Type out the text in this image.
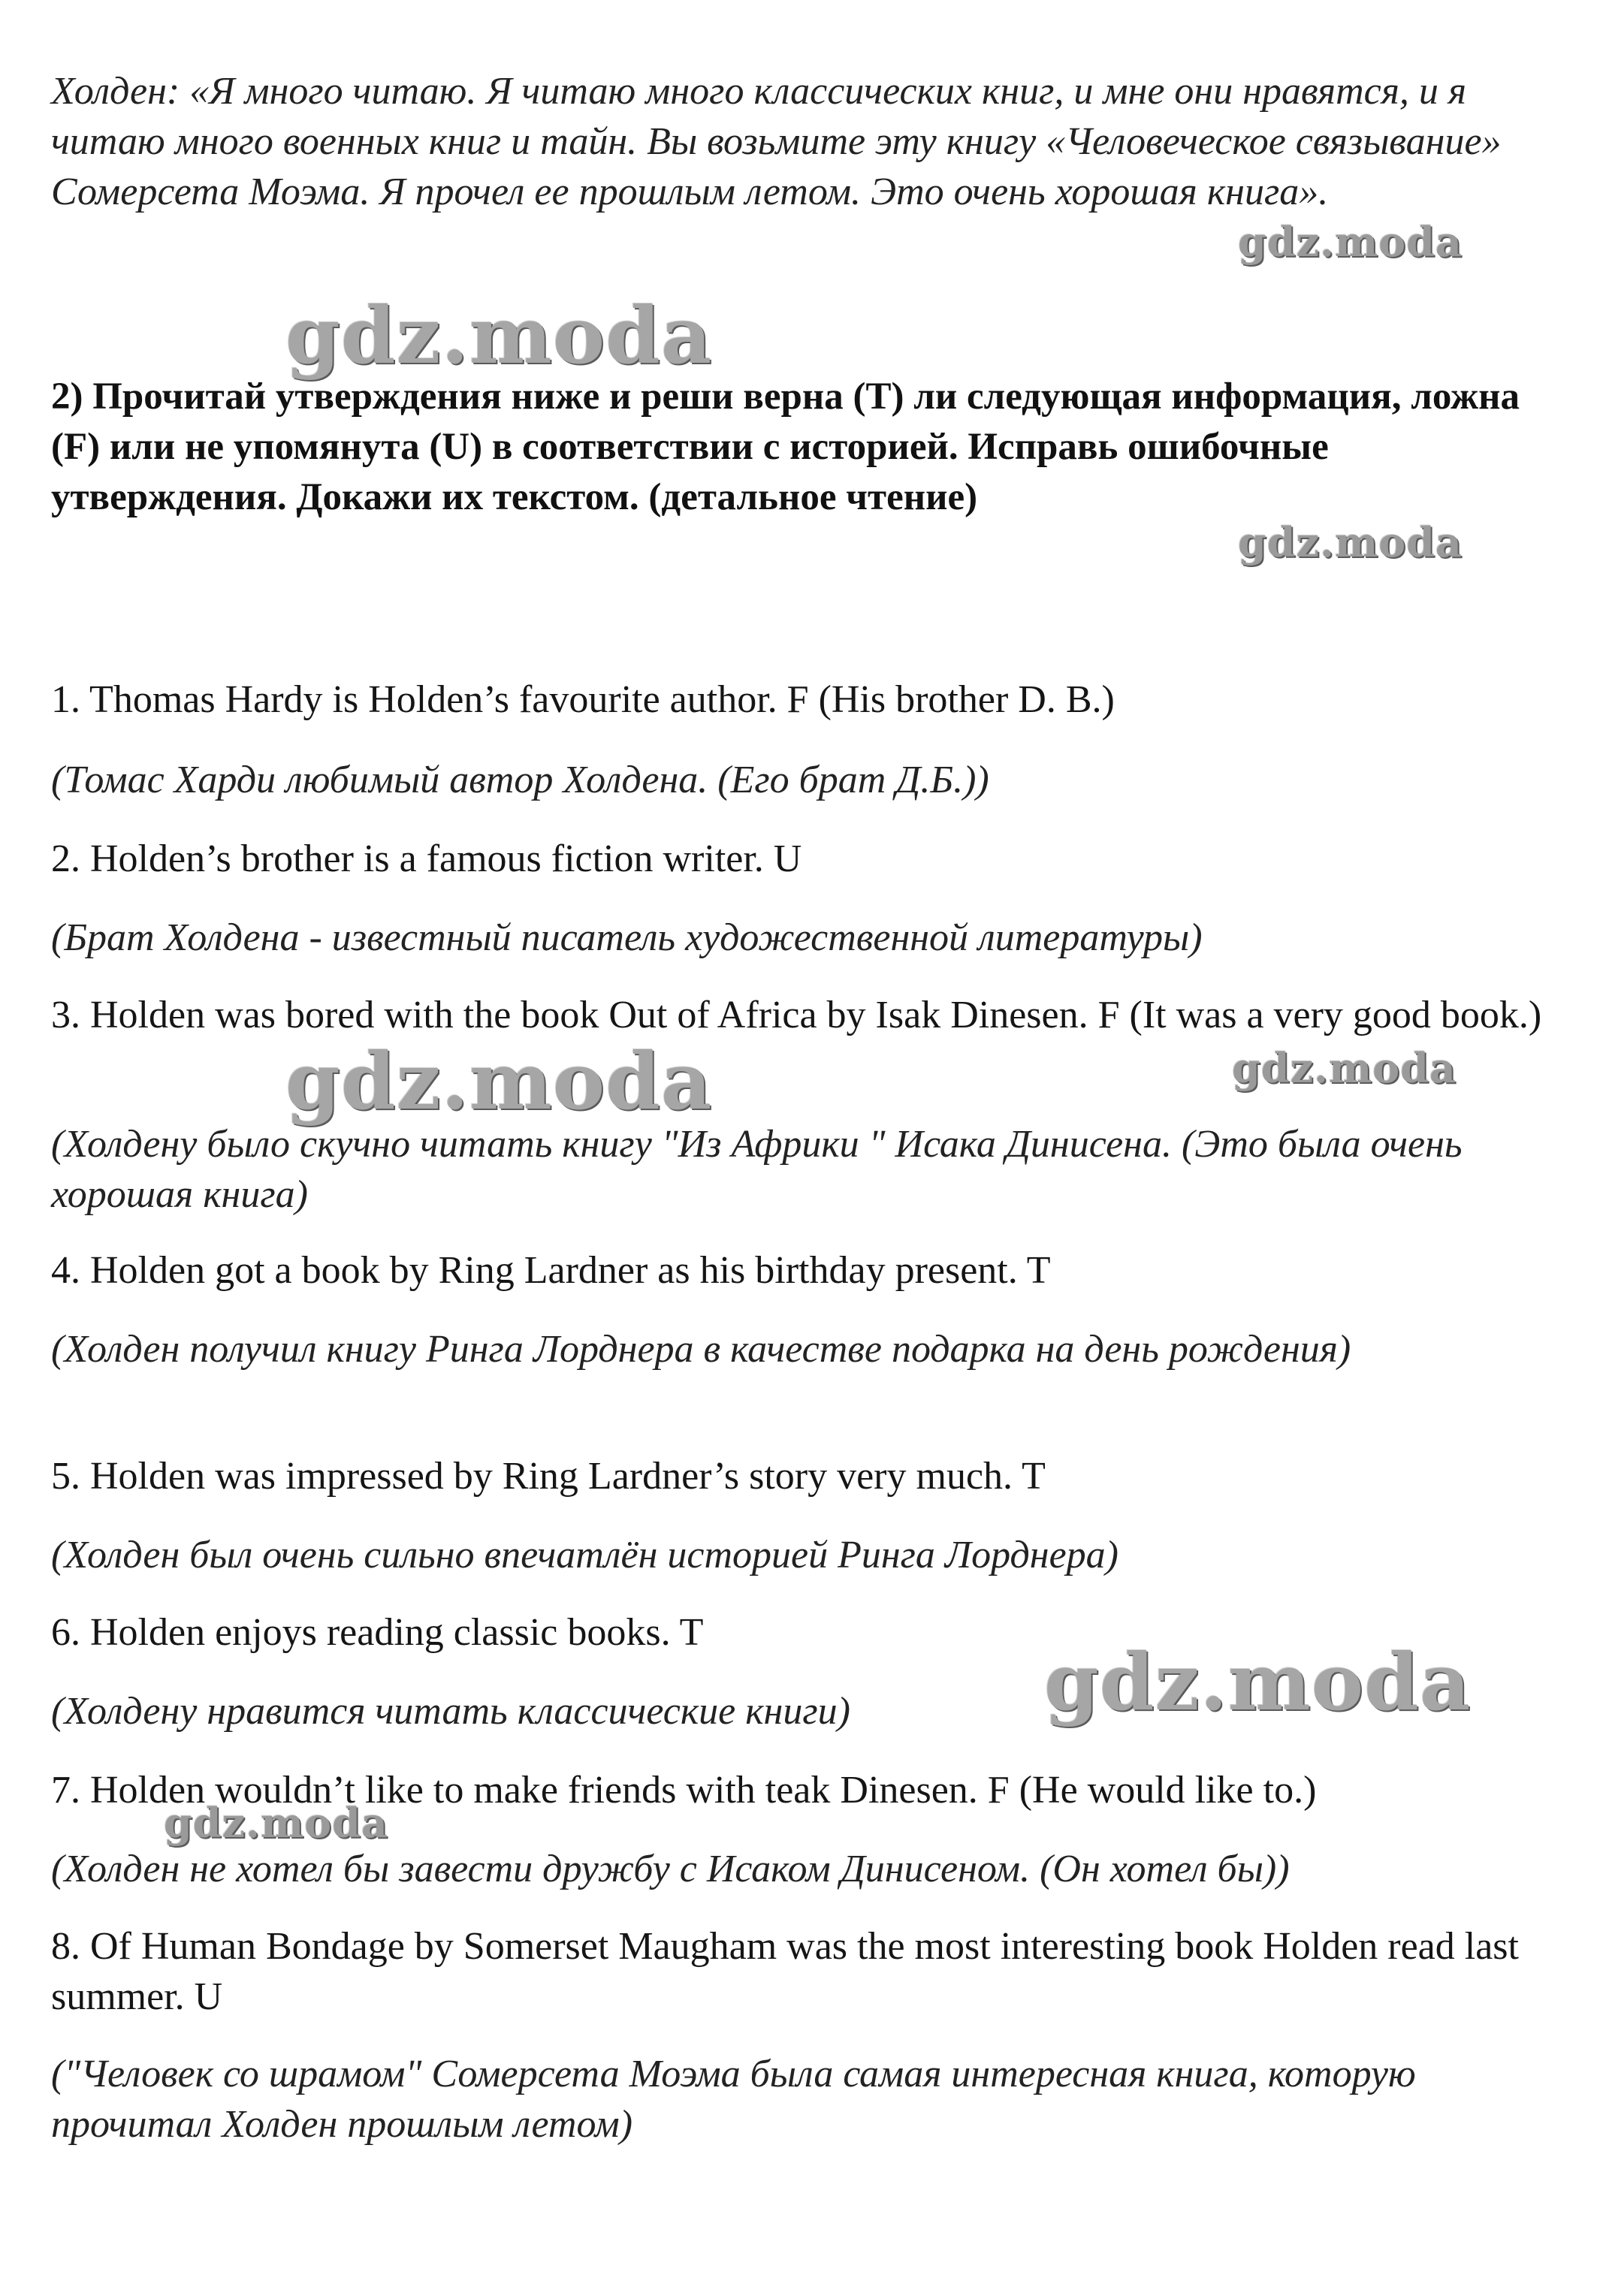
Холден: «Я много читаю. Я читаю много классических книг, и мне они нравятся, и я читаю много военных книг и тайн. Вы возьмите эту книгу «Человеческое связывание» Сомерсета Моэма. Я прочел ее прошлым летом. Это очень хорошая книга».

2) Прочитай утверждения ниже и реши верна (T) ли следующая информация, ложна (F) или не упомянута (U) в соответствии с историей. Исправь ошибочные утверждения. Докажи их текстом. (детальное чтение)

1. Thomas Hardy is Holden’s favourite author. F (His brother D. B.)

(Томас Харди любимый автор Холдена. (Его брат Д.Б.))

2. Holden’s brother is a famous fiction writer. U

(Брат Холдена - известный писатель художественной литературы)

3. Holden was bored with the book Out of Africa by Isak Dinesen. F (It was a very good book.)

(Холдену было скучно читать книгу "Из Африки " Исака Динисена. (Это была очень хорошая книга)

4. Holden got a book by Ring Lardner as his birthday present. T

(Холден получил книгу Ринга Лорднера в качестве подарка на день рождения)

5. Holden was impressed by Ring Lardner’s story very much. T

(Холден был очень сильно впечатлён историей Ринга Лорднера)

6. Holden enjoys reading classic books. T

(Холдену нравится читать классические книги)

7. Holden wouldn’t like to make friends with teak Dinesen. F (He would like to.)

(Холден не хотел бы завести дружбу с Исаком Динисеном. (Он хотел бы))

8. Of Human Bondage by Somerset Maugham was the most interesting book Holden read last summer. U

("Человек со шрамом" Сомерсета Моэма была самая интересная книга, которую прочитал Холден прошлым летом)

gdz.moda

gdz.moda

gdz.moda

gdz.moda	gdz.moda

gdz.moda

gdz.moda
